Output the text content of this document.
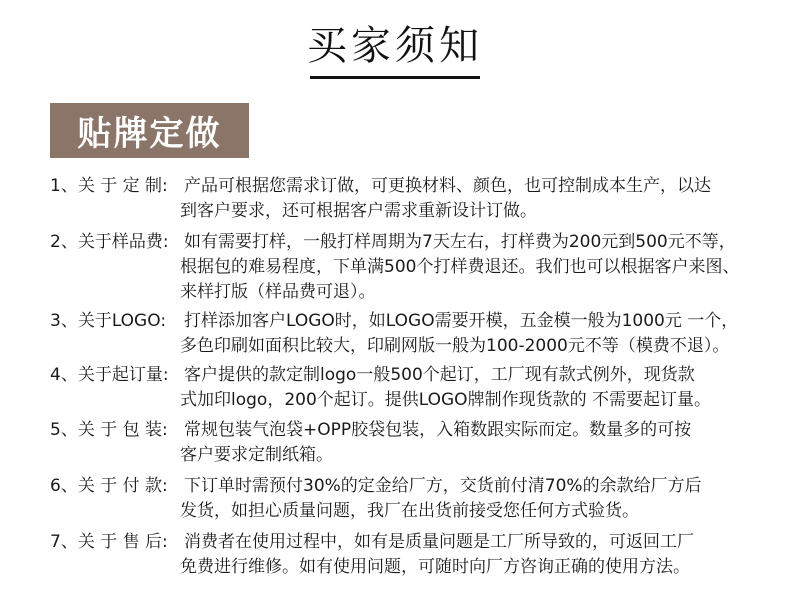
买家须知
贴牌定做
1、关 于 定 制: 产品可根据您需求订做，可更换材料、颜色，也可控制成本生产，以达
到客户要求，还可根据客户需求重新设计订做。
2、关于样品费: 如有需要打样，一般打样周期为7天左右，打样费为200元到500元不等，
根据包的难易程度，下单满500个打样费退还。我们也可以根据客户来图、
来样打版（样品费可退）。
3、关于LOGO: 打样添加客户LOGO时，如LOGO需要开模，五金模一般为1000元 一个，
多色印刷如面积比较大，印刷网版一般为100-2000元不等（模费不退）。
4、关于起订量: 客户提供的款定制logo一般500个起订，工厂现有款式例外，现货款
式加印logo，200个起订。提供LOGO牌制作现货款的 不需要起订量。
5、关 于 包 装: 常规包装气泡袋+OPP胶袋包装，入箱数跟实际而定。数量多的可按
客户要求定制纸箱。
6、关 于 付 款: 下订单时需预付30%的定金给厂方，交货前付清70%的余款给厂方后
发货，如担心质量问题，我厂在出货前接受您任何方式验货。
7、关 于 售 后: 消费者在使用过程中，如有是质量问题是工厂所导致的，可返回工厂
免费进行维修。如有使用问题，可随时向厂方咨询正确的使用方法。
